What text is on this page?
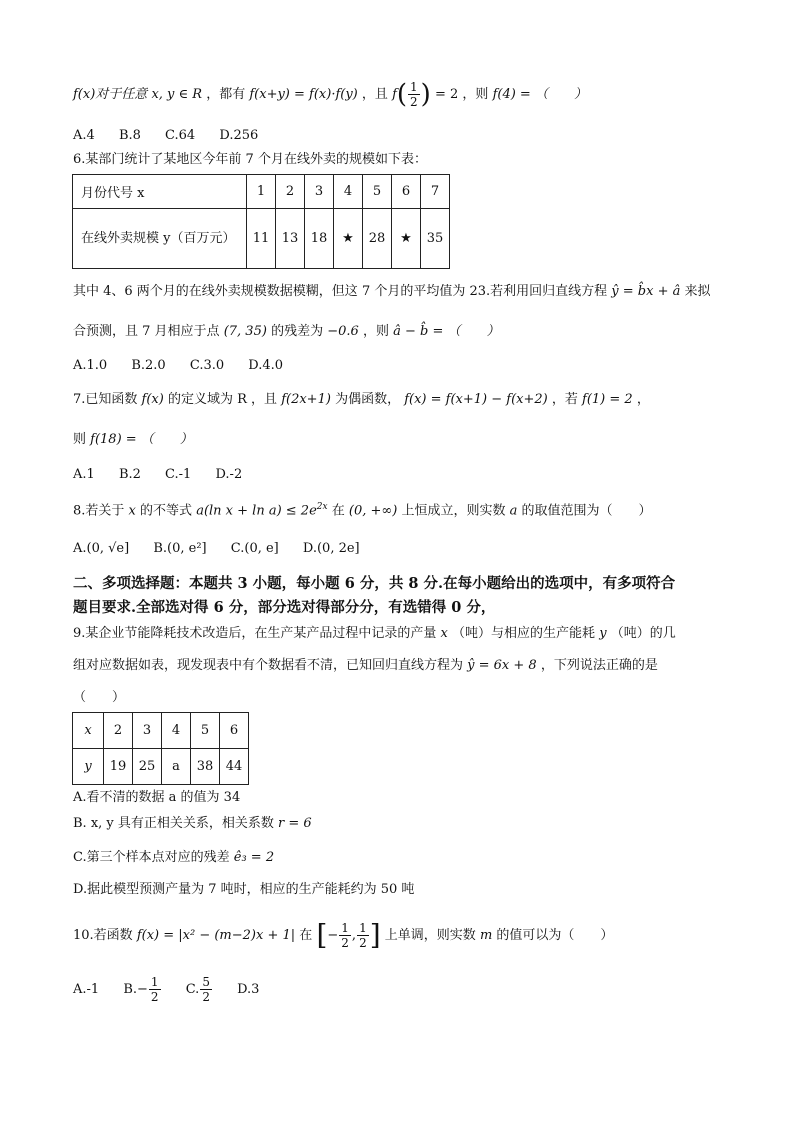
f(x)对于任意 x, y ∈ R ，都有 f(x+y) = f(x)·f(y) ，且 $f( \frac{1}{2}$ ) = 2 ，则 f(4) = （　　）
A.4 B.8 C.64 D.256
6.某部门统计了某地区今年前 7 个月在线外卖的规模如下表：
月份代号 x	1	2	3	4	5	6	7
在线外卖规模 y（百万元）	11	13	18	★	28	★	35
其中 4、6 两个月的在线外卖规模数据模糊，但这 7 个月的平均值为 23.若利用回归直线方程 ŷ = b̂x + â 来拟
合预测，且 7 月相应于点 (7, 35) 的残差为 −0.6 ，则 â − b̂ = （　　）
A.1.0 B.2.0 C.3.0 D.4.0
7.已知函数 f(x) 的定义域为 R ，且 f(2x+1) 为偶函数， f(x) = f(x+1) − f(x+2) ，若 f(1) = 2 ，
则 f(18) = （　　）
A.1 B.2 C.-1 D.-2
8.若关于 x 的不等式 a(ln $x + \ln a) \le 2e^{2x}$ 在 (0, +∞) 上恒成立，则实数 a 的取值范围为（　　）
A.(0, √e] B.(0, e²] C.(0, e] D.(0, 2e]
二、多项选择题：本题共 3 小题，每小题 6 分，共 8 分.在每小题给出的选项中，有多项符合
题目要求.全部选对得 6 分，部分选对得部分分，有选错得 0 分，
9.某企业节能降耗技术改造后，在生产某产品过程中记录的产量 x （吨）与相应的生产能耗 y （吨）的几
组对应数据如表，现发现表中有个数据看不清，已知回归直线方程为 ŷ = 6x + 8 ，下列说法正确的是
（　　）
x	2	3	4	5	6
y	19	25	a	38	44
A.看不清的数据 a 的值为 34
B. x, y 具有正相关关系，相关系数 r = 6
C.第三个样本点对应的残差 ê₃ = 2
D.据此模型预测产量为 7 吨时，相应的生产能耗约为 50 吨
10.若函数 f(x) = |x² − (m−2)x + 1| 在 [− $\frac{1}{2}$ , $\frac{1}{2}$ ] 上单调，则实数 m 的值可以为（　　）
A.-1 $B.- \frac{1}{2} C$. $\frac{5}{2} D.3$
